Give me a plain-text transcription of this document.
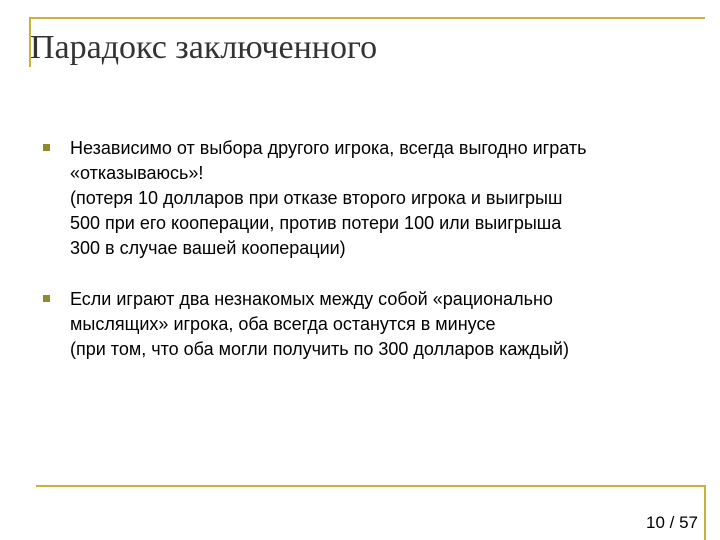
Парадокс заключенного
Независимо от выбора другого игрока, всегда выгодно играть
«отказываюсь»!
(потеря 10 долларов при отказе второго игрока и выигрыш
500 при его кооперации, против потери 100 или выигрыша
300 в случае вашей кооперации)
Если играют два незнакомых между собой «рационально
мыслящих» игрока, оба всегда останутся в минусе
(при том, что оба могли получить по 300 долларов каждый)
10 / 57
